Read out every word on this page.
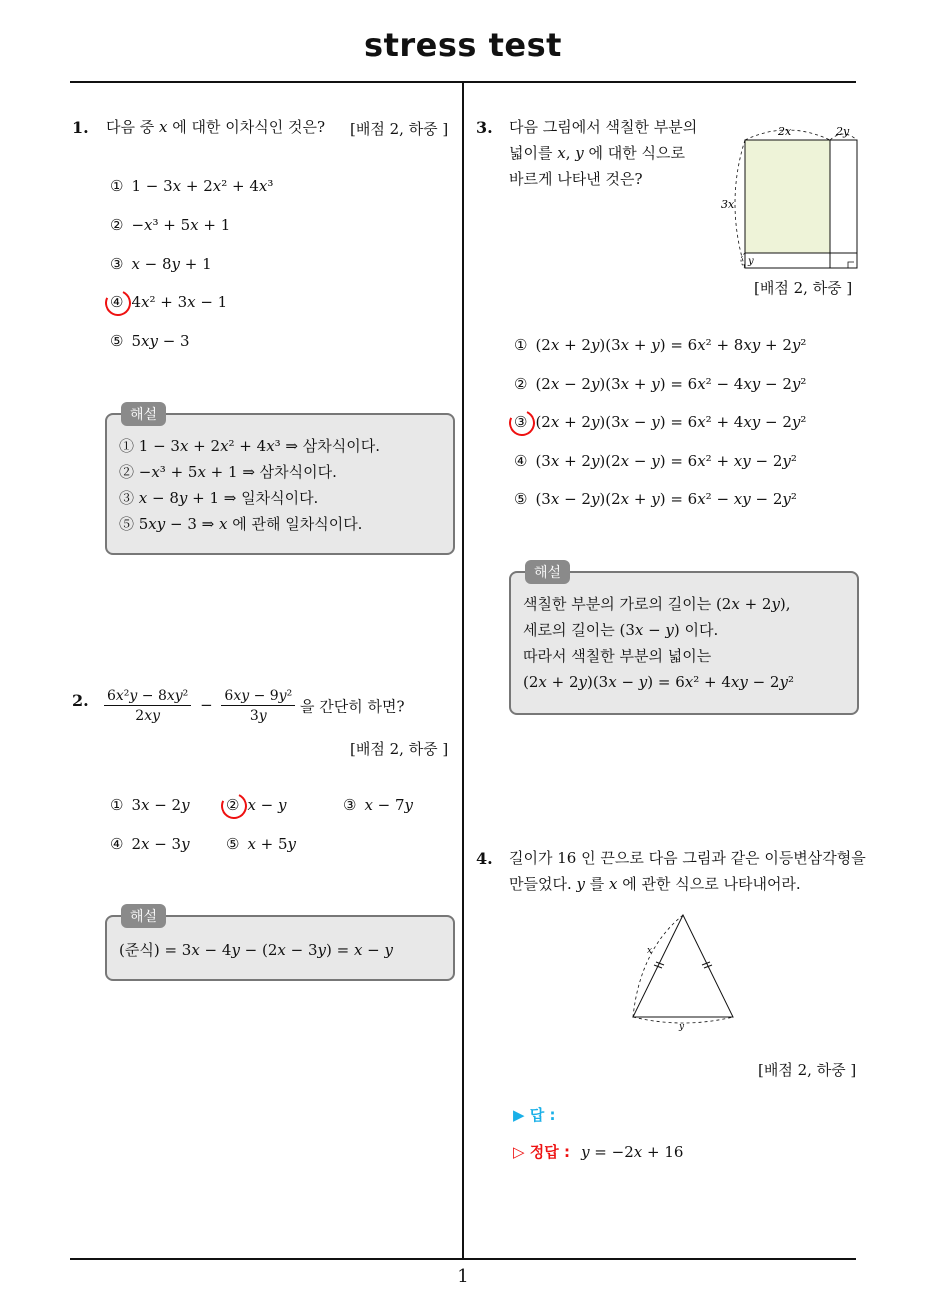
stress test
1
1. 다음 중 𝑥 에 대한 이차식인 것은? [배점 2, 하중 ]
① 1 − 3𝑥 + 2𝑥² + 4𝑥³
② −𝑥³ + 5𝑥 + 1
③ 𝑥 − 8𝑦 + 1
④ 4𝑥² + 3𝑥 − 1
⑤ 5𝑥𝑦 − 3
해설
① 1 − 3𝑥 + 2𝑥² + 4𝑥³ ⇒ 삼차식이다.
② −𝑥³ + 5𝑥 + 1 ⇒ 삼차식이다.
③ 𝑥 − 8𝑦 + 1 ⇒ 일차식이다.
⑤ 5𝑥𝑦 − 3 ⇒ 𝑥 에 관해 일차식이다.
2. $\frac{\text{6𝑥²𝑦 − 8𝑥𝑦²}}{\text{2𝑥𝑦}} - \frac{\text{6𝑥𝑦 − 9𝑦²}}{\text{3𝑦}}$ 을 간단히 하면?
[배점 2, 하중 ]
① 3𝑥 − 2𝑦 ② 𝑥 − 𝑦	③ 𝑥 − 7𝑦
④ 2𝑥 − 3𝑦 ⑤ 𝑥 + 5𝑦
해설
(준식) = 3𝑥 − 4𝑦 − (2𝑥 − 3𝑦) = 𝑥 − 𝑦
3. 다음 그림에서 색칠한 부분의
넓이를 𝑥, 𝑦 에 대한 식으로
바르게 나타낸 것은?
2𝑥	2𝑦
3𝑥
𝑦
[배점 2, 하중 ]
① (2𝑥 + 2𝑦)(3𝑥 + 𝑦) = 6𝑥² + 8𝑥𝑦 + 2𝑦²
② (2𝑥 − 2𝑦)(3𝑥 + 𝑦) = 6𝑥² − 4𝑥𝑦 − 2𝑦²
③ (2𝑥 + 2𝑦)(3𝑥 − 𝑦) = 6𝑥² + 4𝑥𝑦 − 2𝑦²
④ (3𝑥 + 2𝑦)(2𝑥 − 𝑦) = 6𝑥² + 𝑥𝑦 − 2𝑦²
⑤ (3𝑥 − 2𝑦)(2𝑥 + 𝑦) = 6𝑥² − 𝑥𝑦 − 2𝑦²
해설
색칠한 부분의 가로의 길이는 (2𝑥 + 2𝑦),
세로의 길이는 (3𝑥 − 𝑦) 이다.
따라서 색칠한 부분의 넓이는
(2𝑥 + 2𝑦)(3𝑥 − 𝑦) = 6𝑥² + 4𝑥𝑦 − 2𝑦²
4. 길이가 16 인 끈으로 다음 그림과 같은 이등변삼각형을
만들었다. 𝑦 를 𝑥 에 관한 식으로 나타내어라.
𝑥
𝑦
[배점 2, 하중 ]
▶ 답 :
▷ 정답 : 𝑦 = −2𝑥 + 16
